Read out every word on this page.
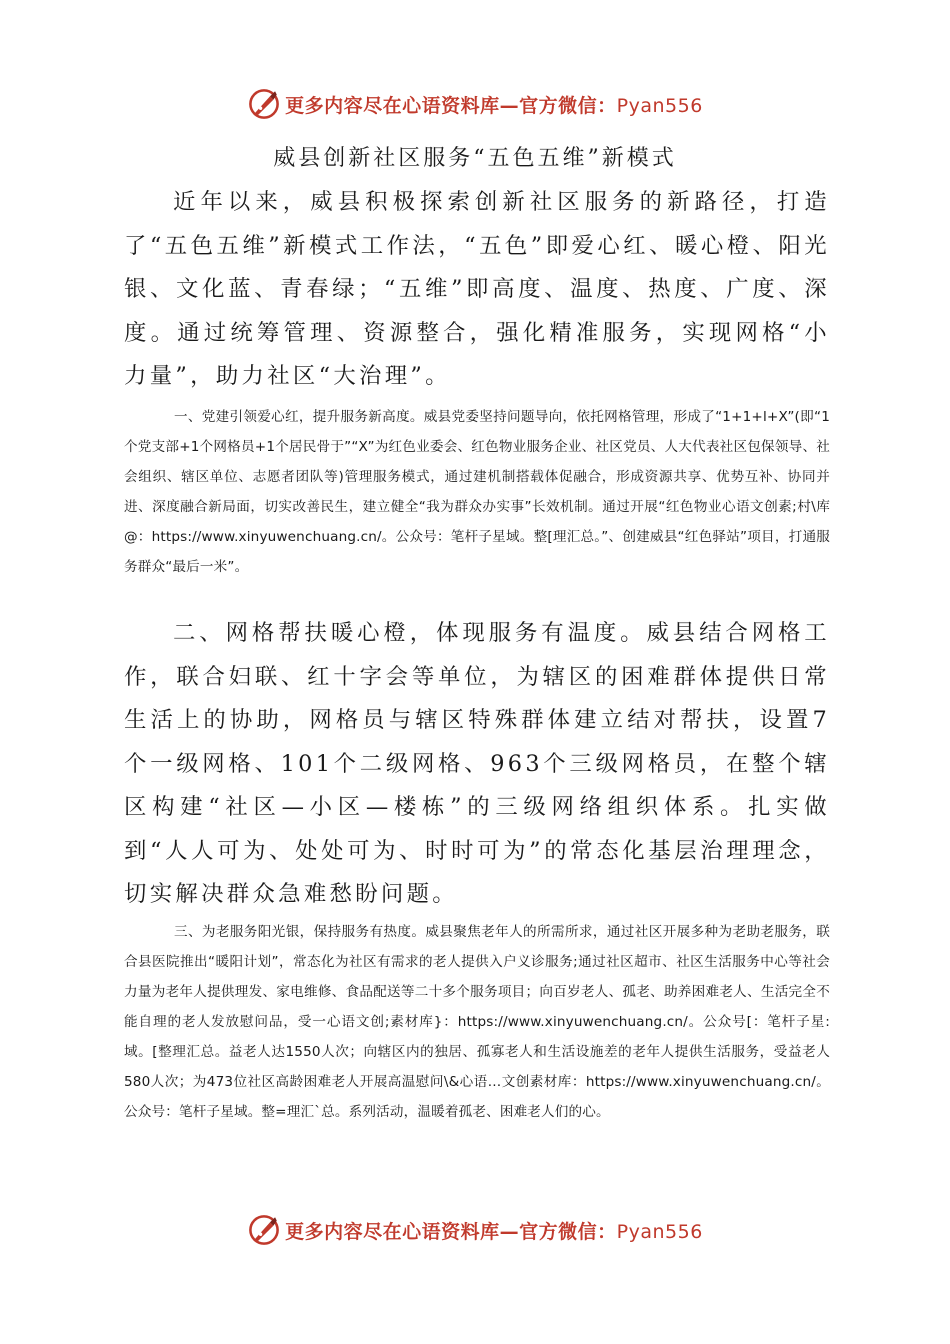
更多内容尽在心语资料库—官方微信：Pyan556
威县创新社区服务“五色五维”新模式

近年以来，威县积极探索创新社区服务的新路径，打造了“五色五维”新模式工作法，“五色”即爱心红、暖心橙、阳光银、文化蓝、青春绿；“五维”即高度、温度、热度、广度、深度。通过统筹管理、资源整合，强化精准服务，实现网格“小力量”，助力社区“大治理”。

一、党建引领爱心红，提升服务新高度。威县党委坚持问题导向，依托网格管理，形成了“1+1+l+X”(即“1个党支部+1个网格员+1个居民骨于”“X”为红色业委会、红色物业服务企业、社区党员、人大代表社区包保领导、社会组织、辖区单位、志愿者团队等)管理服务模式，通过建机制搭载体促融合，形成资源共享、优势互补、协同并进、深度融合新局面，切实改善民生，建立健全“我为群众办实事”长效机制。通过开展“红色物业心语文创素;村\库@：https://www.xinyuwenchuang.cn/。公众号：笔杆子星域。整[理汇总。”、创建威县“红色驿站”项目，打通服务群众“最后一米”。

二、网格帮扶暖心橙，体现服务有温度。威县结合网格工作，联合妇联、红十字会等单位，为辖区的困难群体提供日常生活上的协助，网格员与辖区特殊群体建立结对帮扶，设置7个一级网格、101个二级网格、963个三级网格员，在整个辖区构建“社区—小区—楼栋”的三级网络组织体系。扎实做到“人人可为、处处可为、时时可为”的常态化基层治理理念，切实解决群众急难愁盼问题。

三、为老服务阳光银，保持服务有热度。威县聚焦老年人的所需所求，通过社区开展多种为老助老服务，联合县医院推出“暖阳计划”，常态化为社区有需求的老人提供入户义诊服务;通过社区超市、社区生活服务中心等社会力量为老年人提供理发、家电维修、食品配送等二十多个服务项目；向百岁老人、孤老、助养困难老人、生活完全不能自理的老人发放慰问品，受一心语文创;素材库}：https://www.xinyuwenchuang.cn/。公众号[：笔杆子星:域。[整理汇总。益老人达1550人次；向辖区内的独居、孤寡老人和生活设施差的老年人提供生活服务，受益老人580人次；为473位社区高龄困难老人开展高温慰问\&心语…文创素材库：https://www.xinyuwenchuang.cn/。公众号：笔杆子星域。整=理汇`总。系列活动，温暖着孤老、困难老人们的心。

更多内容尽在心语资料库—官方微信：Pyan556
